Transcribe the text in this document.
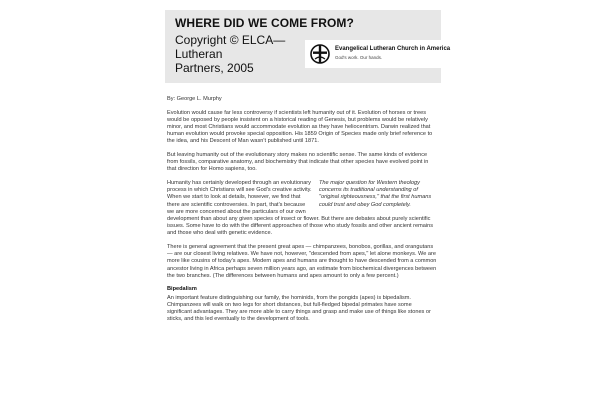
WHERE DID WE COME FROM?
Copyright © ELCA—Lutheran
Partners, 2005
Evangelical Lutheran Church in America
God's work. Our hands.

By: George L. Murphy

Evolution would cause far less controversy if scientists left humanity out of it. Evolution of horses or trees would be opposed by people insistent on a historical reading of Genesis, but problems would be relatively minor, and most Christians would accommodate evolution as they have heliocentrism. Darwin realized that human evolution would provoke special opposition. His 1859 Origin of Species made only brief reference to the idea, and his Descent of Man wasn't published until 1871.

But leaving humanity out of the evolutionary story makes no scientific sense. The same kinds of evidence from fossils, comparative anatomy, and biochemistry that indicate that other species have evolved point in that direction for Homo sapiens, too.

The major question for Western theology concerns its traditional understanding of "original righteousness," that the first humans could trust and obey God completely.

Humanity has certainly developed through an evolutionary process in which Christians will see God's creative activity. When we start to look at details, however, we find that there are scientific controversies. In part, that's because we are more concerned about the particulars of our own development than about any given species of insect or flower. But there are debates about purely scientific issues. Some have to do with the different approaches of those who study fossils and other ancient remains and those who deal with genetic evidence.

There is general agreement that the present great apes — chimpanzees, bonobos, gorillas, and orangutans — are our closest living relatives. We have not, however, "descended from apes," let alone monkeys. We are more like cousins of today's apes. Modern apes and humans are thought to have descended from a common ancestor living in Africa perhaps seven million years ago, an estimate from biochemical divergences between the two branches. (The differences between humans and apes amount to only a few percent.)

Bipedalism

An important feature distinguishing our family, the hominids, from the pongids (apes) is bipedalism. Chimpanzees will walk on two legs for short distances, but full-fledged bipedal primates have some significant advantages. They are more able to carry things and grasp and make use of things like stones or sticks, and this led eventually to the development of tools.
